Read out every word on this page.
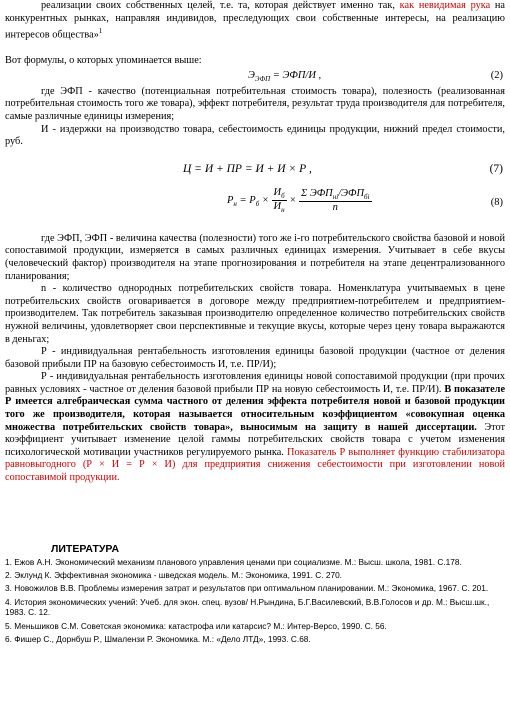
реализации своих собственных целей, т.е. та, которая действует именно так, как невидимая рука на конкурентных рынках, направляя индивидов, преследующих свои собственные интересы, на реализацию интересов общества»$^1$

Вот формулы, о которых упоминается выше:

$Э_{ЭФП} = ЭФП/И$ ,	(2)

где ЭФП - качество (потенциальная потребительная стоимость товара), полезность (реализованная потребительная стоимость того же товара), эффект потребителя, результат труда производителя для потребителя, самые различные единицы измерения;

И - издержки на производство товара, себестоимость единицы продукции, нижний предел стоимости, руб.

Ц = И + ПР = И + И × Р ,	(7)
$Р_н = Р_б \times \frac{И_б}{И_н} \times \frac{\Sigma ЭФП_{нi}/ЭФП_{бi}}{n}$	(8)

где ЭФП, ЭФП - величина качества (полезности) того же i-го потребительского свойства базовой и новой сопоставимой продукции, измеряется в самых различных единицах измерения. Учитывает в себе вкусы (человеческий фактор) производителя на этапе прогнозирования и потребителя на этапе децентрализованного планирования;

n - количество однородных потребительских свойств товара. Номенклатура учитываемых в цене потребительских свойств оговаривается в договоре между предприятием-потребителем и предприятием-производителем. Так потребитель заказывая производителю определенное количество потребительских свойств нужной величины, удовлетворяет свои перспективные и текущие вкусы, которые через цену товара выражаются в деньгах;

Р - индивидуальная рентабельность изготовления единицы базовой продукции (частное от деления базовой прибыли ПР на базовую себестоимость И, т.е. ПР/И);

Р - индивидуальная рентабельность изготовления единицы новой сопоставимой продукции (при прочих равных условиях - частное от деления базовой прибыли ПР на новую себестоимость И, т.е. ПР/И). В показателе Р имеется алгебраическая сумма частного от деления эффекта потребителя новой и базовой продукции того же производителя, которая называется относительным коэффициентом «совокупная оценка множества потребительских свойств товара», выносимым на защиту в нашей диссертации. Этот коэффициент учитывает изменение целой гаммы потребительских свойств товара с учетом изменения психологической мотивации участников регулируемого рынка. Показатель Р выполняет функцию стабилизатора равновыгодного (Р × И = Р × И) для предприятия снижения себестоимости при изготовлении новой сопоставимой продукции.

ЛИТЕРАТУРА
1. Ежов А.Н. Экономический механизм планового управления ценами при социализме. М.: Высш. школа, 1981. С.178.
2. Эклунд К. Эффективная экономика - шведская модель. М.: Экономика, 1991. С. 270.
3. Новожилов В.В. Проблемы измерения затрат и результатов при оптимальном планировании. М.: Экономика, 1967. С. 201.
4. История экономических учений: Учеб. для экон. спец. вузов/ Н.Рындина, Б.Г.Василевский, В.В.Голосов и др. М.: Высш.шк., 1983. С. 12.
5. Меньшиков С.М. Советская экономика: катастрофа или катарсис? М.: Интер-Версо, 1990. С. 56.
6. Фишер С., Дорнбуш Р., Шмалензи Р. Экономика. М.: «Дело ЛТД», 1993. С.68.
